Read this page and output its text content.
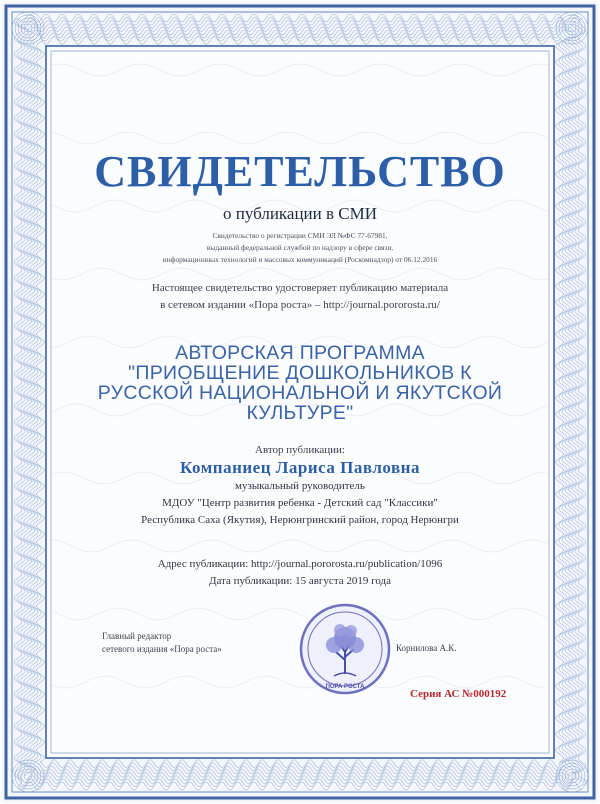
СВИДЕТЕЛЬСТВО
о публикации в СМИ
Свидетельство о регистрации СМИ ЭЛ №ФС 77-67981,
выданный федеральной службой по надзору в сфере связи,
информационных технологий и массовых коммуникаций (Роскомнадзор) от 06.12.2016
Настоящее свидетельство удостоверяет публикацию материала
в сетевом издании «Пора роста» – http://journal.pororosta.ru/
АВТОРСКАЯ ПРОГРАММА
"ПРИОБЩЕНИЕ ДОШКОЛЬНИКОВ К
РУССКОЙ НАЦИОНАЛЬНОЙ И ЯКУТСКОЙ
КУЛЬТУРЕ"
Автор публикации:
Компаниец Лариса Павловна
музыкальный руководитель
МДОУ "Центр развития ребенка - Детский сад "Классики"
Республика Саха (Якутия), Нерюнгринский район, город Нерюнгри
Адрес публикации: http://journal.pororosta.ru/publication/1096
Дата публикации: 15 августа 2019 года
Главный редактор
сетевого издания «Пора роста»
ПОРА РОСТА
Корнилова А.К.
Серия АС №000192
